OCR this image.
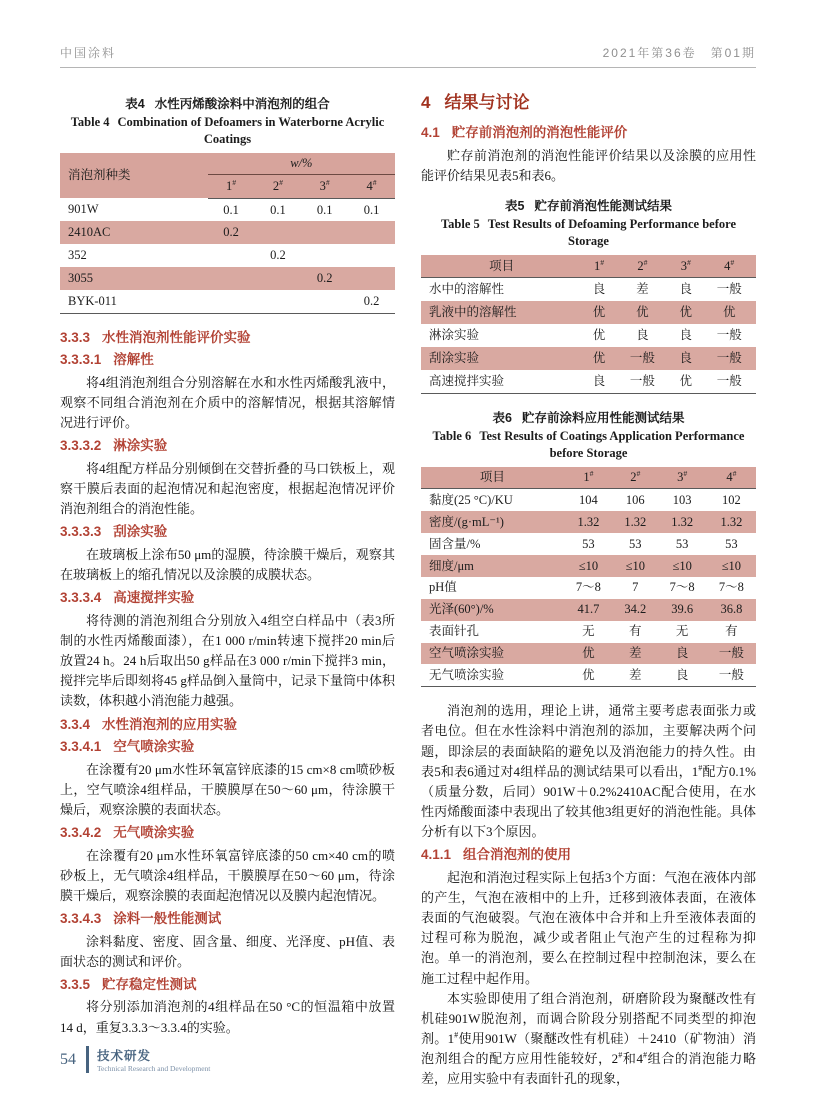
中国涂料	2021年第36卷　第01期
表4 水性丙烯酸涂料中消泡剂的组合
Table 4 Combination of Defoamers in Waterborne Acrylic Coatings
消泡剂种类	w/%			
	1#	2#	3#	4#
901W	0.1	0.1	0.1	0.1
2410AC	0.2			
352		0.2		
3055			0.2	
BYK-011				0.2
3.3.3 水性消泡剂性能评价实验
3.3.3.1 溶解性

将4组消泡剂组合分别溶解在水和水性丙烯酸乳液中，观察不同组合消泡剂在介质中的溶解情况，根据其溶解情况进行评价。

3.3.3.2 淋涂实验

将4组配方样品分别倾倒在交替折叠的马口铁板上，观察干膜后表面的起泡情况和起泡密度，根据起泡情况评价消泡剂组合的消泡性能。

3.3.3.3 刮涂实验

在玻璃板上涂布50 μm的湿膜，待涂膜干燥后，观察其在玻璃板上的缩孔情况以及涂膜的成膜状态。

3.3.3.4 高速搅拌实验

将待测的消泡剂组合分别放入4组空白样品中（表3所制的水性丙烯酸面漆），在1 000 r/min转速下搅拌20 min后放置24 h。24 h后取出50 g样品在3 000 r/min下搅拌3 min，搅拌完毕后即刻将45 g样品倒入量筒中，记录下量筒中体积读数，体积越小消泡能力越强。

3.3.4 水性消泡剂的应用实验
3.3.4.1 空气喷涂实验

在涂覆有20 μm水性环氧富锌底漆的15 cm×8 cm喷砂板上，空气喷涂4组样品，干膜膜厚在50～60 μm，待涂膜干燥后，观察涂膜的表面状态。

3.3.4.2 无气喷涂实验

在涂覆有20 μm水性环氧富锌底漆的50 cm×40 cm的喷砂板上，无气喷涂4组样品，干膜膜厚在50～60 μm，待涂膜干燥后，观察涂膜的表面起泡情况以及膜内起泡情况。

3.3.4.3 涂料一般性能测试

涂料黏度、密度、固含量、细度、光泽度、pH值、表面状态的测试和评价。

3.3.5 贮存稳定性测试

将分别添加消泡剂的4组样品在50 °C的恒温箱中放置14 d，重复3.3.3～3.3.4的实验。

4 结果与讨论
4.1 贮存前消泡剂的消泡性能评价

贮存前消泡剂的消泡性能评价结果以及涂膜的应用性能评价结果见表5和表6。

表5 贮存前消泡性能测试结果
Table 5 Test Results of Defoaming Performance before Storage
项目	1#	2#	3#	4#
水中的溶解性	良	差	良	一般
乳液中的溶解性	优	优	优	优
淋涂实验	优	良	良	一般
刮涂实验	优	一般	良	一般
高速搅拌实验	良	一般	优	一般
表6 贮存前涂料应用性能测试结果
Table 6 Test Results of Coatings Application Performance before Storage
项目	1#	2#	3#	4#
黏度(25 °C)/KU	104	106	103	102
密度/(g·mL⁻¹)	1.32	1.32	1.32	1.32
固含量/%	53	53	53	53
细度/μm	≤10	≤10	≤10	≤10
pH值	7～8	7	7～8	7～8
光泽(60°)/%	41.7	34.2	39.6	36.8
表面针孔	无	有	无	有
空气喷涂实验	优	差	良	一般
无气喷涂实验	优	差	良	一般

消泡剂的选用，理论上讲，通常主要考虑表面张力或者电位。但在水性涂料中消泡剂的添加，主要解决两个问题，即涂层的表面缺陷的避免以及消泡能力的持久性。由表5和表6通过对4组样品的测试结果可以看出，1#配方0.1%（质量分数，后同）901W＋0.2%2410AC配合使用，在水性丙烯酸面漆中表现出了较其他3组更好的消泡性能。具体分析有以下3个原因。

4.1.1 组合消泡剂的使用

起泡和消泡过程实际上包括3个方面：气泡在液体内部的产生，气泡在液相中的上升，迁移到液体表面，在液体表面的气泡破裂。气泡在液体中合并和上升至液体表面的过程可称为脱泡，减少或者阻止气泡产生的过程称为抑泡。单一的消泡剂，要么在控制过程中控制泡沫，要么在施工过程中起作用。

本实验即使用了组合消泡剂，研磨阶段为聚醚改性有机硅901W脱泡剂，而调合阶段分别搭配不同类型的抑泡剂。1#使用901W（聚醚改性有机硅）＋2410（矿物油）消泡剂组合的配方应用性能较好，2#和4#组合的消泡能力略差，应用实验中有表面针孔的现象，

54 技术研发
Technical Research and Development
